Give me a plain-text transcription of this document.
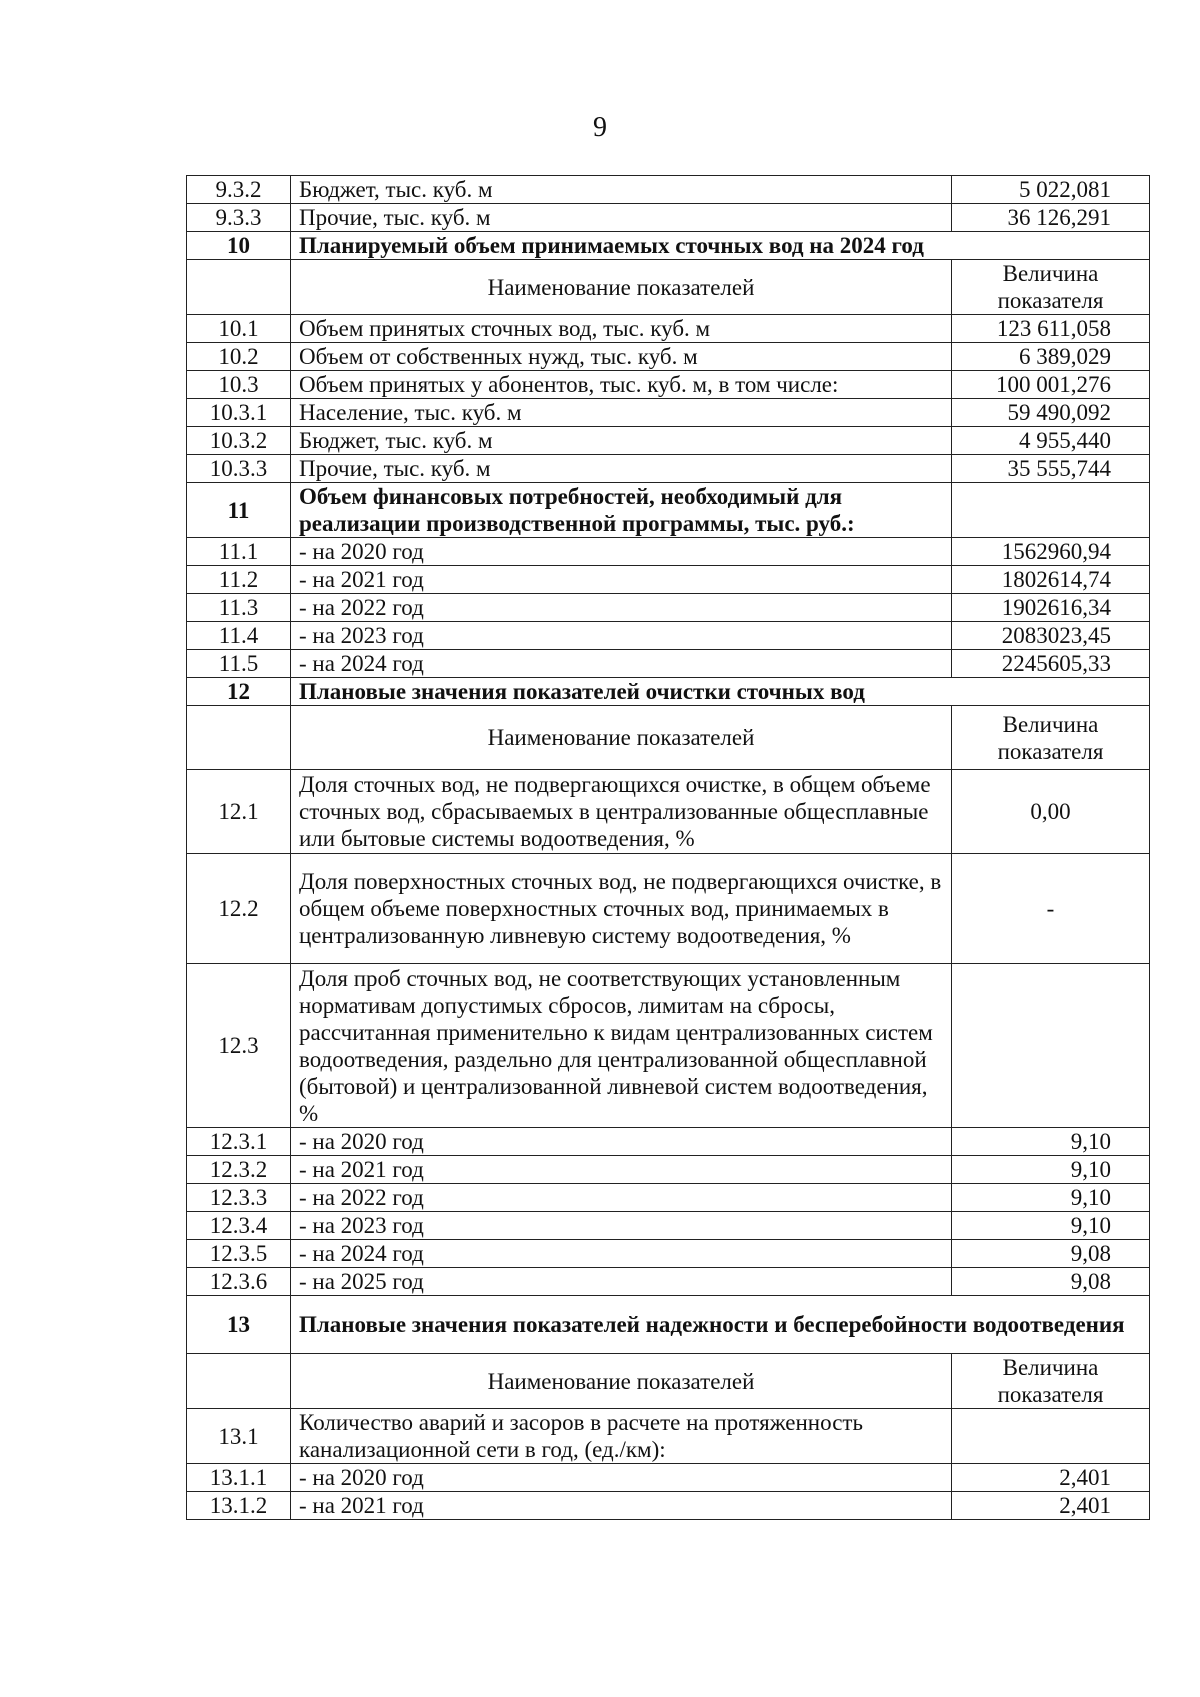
9
9.3.2	Бюджет, тыс. куб. м	5 022,081
9.3.3	Прочие, тыс. куб. м	36 126,291
10	Планируемый объем принимаемых сточных вод на 2024 год	
	Наименование показателей	Величина показателя
10.1	Объем принятых сточных вод, тыс. куб. м	123 611,058
10.2	Объем от собственных нужд, тыс. куб. м	6 389,029
10.3	Объем принятых у абонентов, тыс. куб. м, в том числе:	100 001,276
10.3.1	Население, тыс. куб. м	59 490,092
10.3.2	Бюджет, тыс. куб. м	4 955,440
10.3.3	Прочие, тыс. куб. м	35 555,744
11	Объем финансовых потребностей, необходимый для реализации производственной программы, тыс. руб.:	
11.1	- на 2020 год	1562960,94
11.2	- на 2021 год	1802614,74
11.3	- на 2022 год	1902616,34
11.4	- на 2023 год	2083023,45
11.5	- на 2024 год	2245605,33
12	Плановые значения показателей очистки сточных вод	
	Наименование показателей	Величина показателя
12.1	Доля сточных вод, не подвергающихся очистке, в общем объеме сточных вод, сбрасываемых в централизованные общесплавные или бытовые системы водоотведения, %	0,00
12.2	Доля поверхностных сточных вод, не подвергающихся очистке, в общем объеме поверхностных сточных вод, принимаемых в централизованную ливневую систему водоотведения, %	-
12.3	Доля проб сточных вод, не соответствующих установленным нормативам допустимых сбросов, лимитам на сбросы, рассчитанная применительно к видам централизованных систем водоотведения, раздельно для централизованной общесплавной (бытовой) и централизованной ливневой систем водоотведения, %	
12.3.1	- на 2020 год	9,10
12.3.2	- на 2021 год	9,10
12.3.3	- на 2022 год	9,10
12.3.4	- на 2023 год	9,10
12.3.5	- на 2024 год	9,08
12.3.6	- на 2025 год	9,08
13	Плановые значения показателей надежности и бесперебойности водоотведения	
	Наименование показателей	Величина показателя
13.1	Количество аварий и засоров в расчете на протяженность канализационной сети в год, (ед./км):	
13.1.1	- на 2020 год	2,401
13.1.2	- на 2021 год	2,401
